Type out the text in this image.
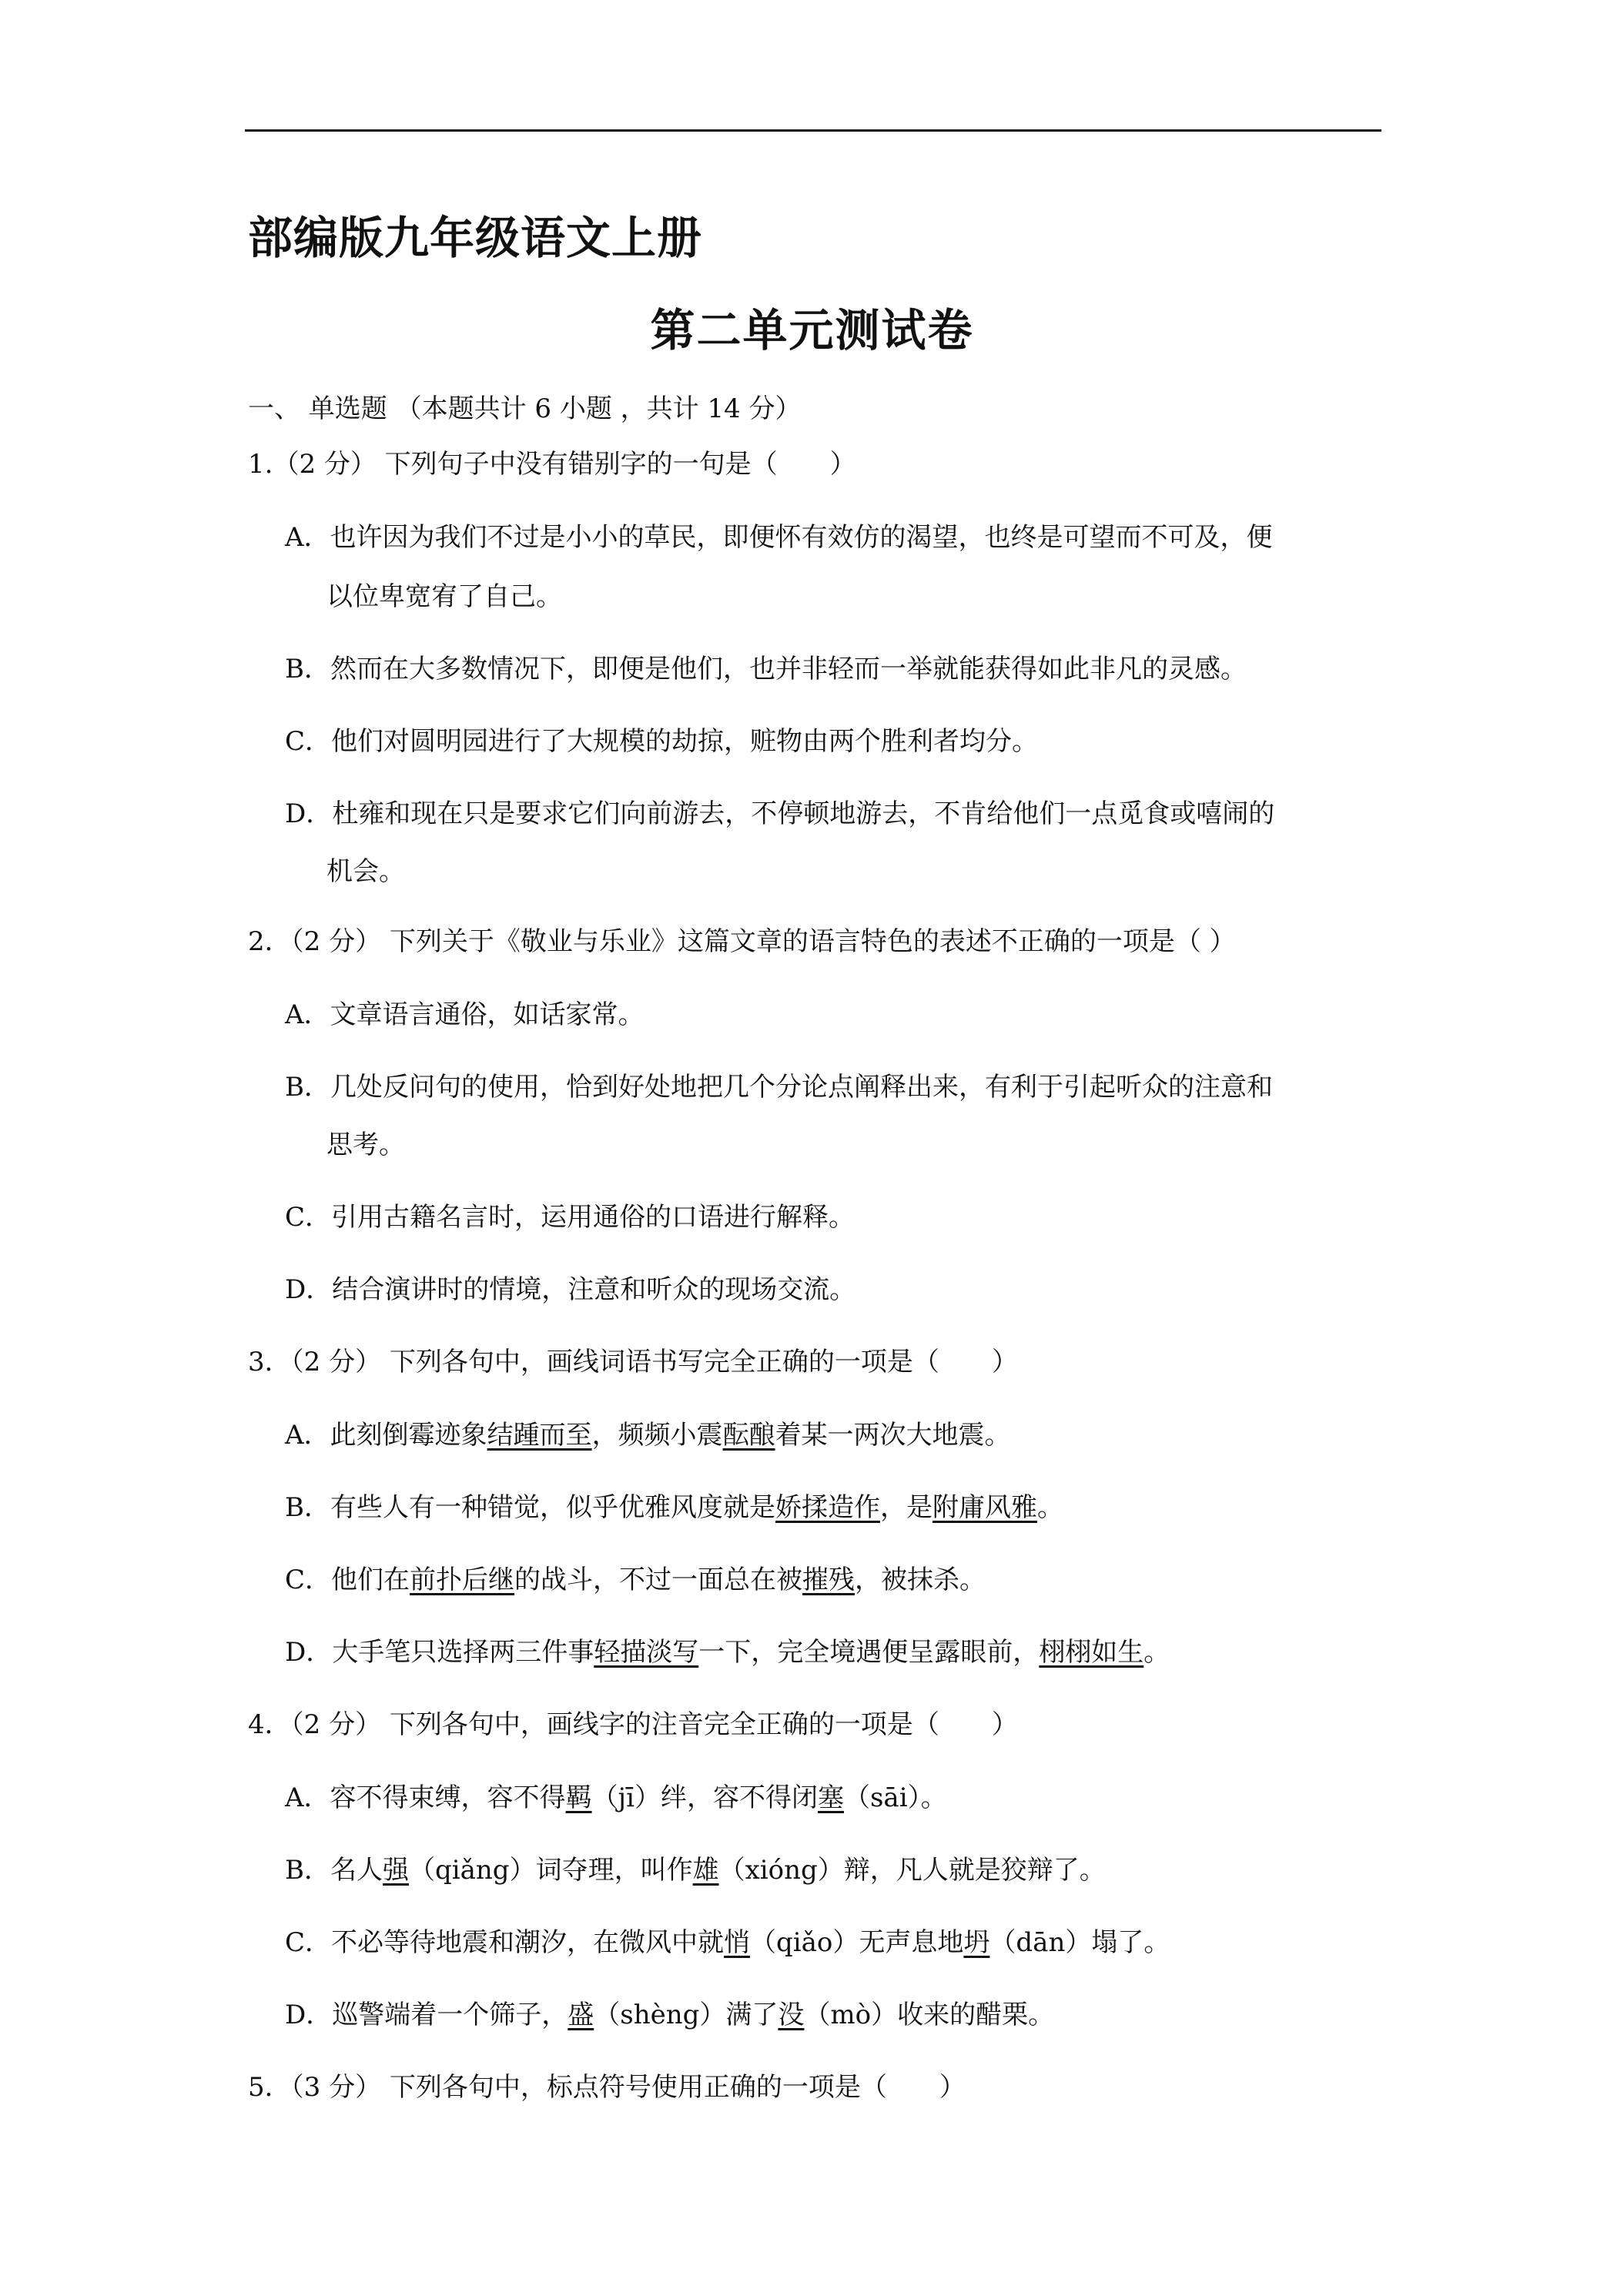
部编版九年级语文上册
第二单元测试卷
一、 单选题 （本题共计 6 小题 ，共计 14 分）
1.（2 分） 下列句子中没有错别字的一句是（　　）
A．也许因为我们不过是小小的草民，即便怀有效仿的渴望，也终是可望而不可及，便
以位卑宽宥了自己。
B．然而在大多数情况下，即便是他们，也并非轻而一举就能获得如此非凡的灵感。
C．他们对圆明园进行了大规模的劫掠，赃物由两个胜利者均分。
D．杜雍和现在只是要求它们向前游去，不停顿地游去，不肯给他们一点觅食或嘻闹的
机会。
2．（2 分） 下列关于《敬业与乐业》这篇文章的语言特色的表述不正确的一项是（ ）
A．文章语言通俗，如话家常。
B．几处反问句的使用，恰到好处地把几个分论点阐释出来，有利于引起听众的注意和
思考。
C．引用古籍名言时，运用通俗的口语进行解释。
D．结合演讲时的情境，注意和听众的现场交流。
3．（2 分） 下列各句中，画线词语书写完全正确的一项是（　　）
A．此刻倒霉迹象结踵而至，频频小震酝酿着某一两次大地震。
B．有些人有一种错觉，似乎优雅风度就是娇揉造作，是附庸风雅。
C．他们在前扑后继的战斗，不过一面总在被摧残，被抹杀。
D．大手笔只选择两三件事轻描淡写一下，完全境遇便呈露眼前，栩栩如生。
4．（2 分） 下列各句中，画线字的注音完全正确的一项是（　　）
A．容不得束缚，容不得羁（jī）绊，容不得闭塞（sāi）。
B．名人强（qiǎng）词夺理，叫作雄（xióng）辩，凡人就是狡辩了。
C．不必等待地震和潮汐，在微风中就悄（qiǎo）无声息地坍（dān）塌了。
D．巡警端着一个筛子，盛（shèng）满了没（mò）收来的醋栗。
5．（3 分） 下列各句中，标点符号使用正确的一项是（　　）
